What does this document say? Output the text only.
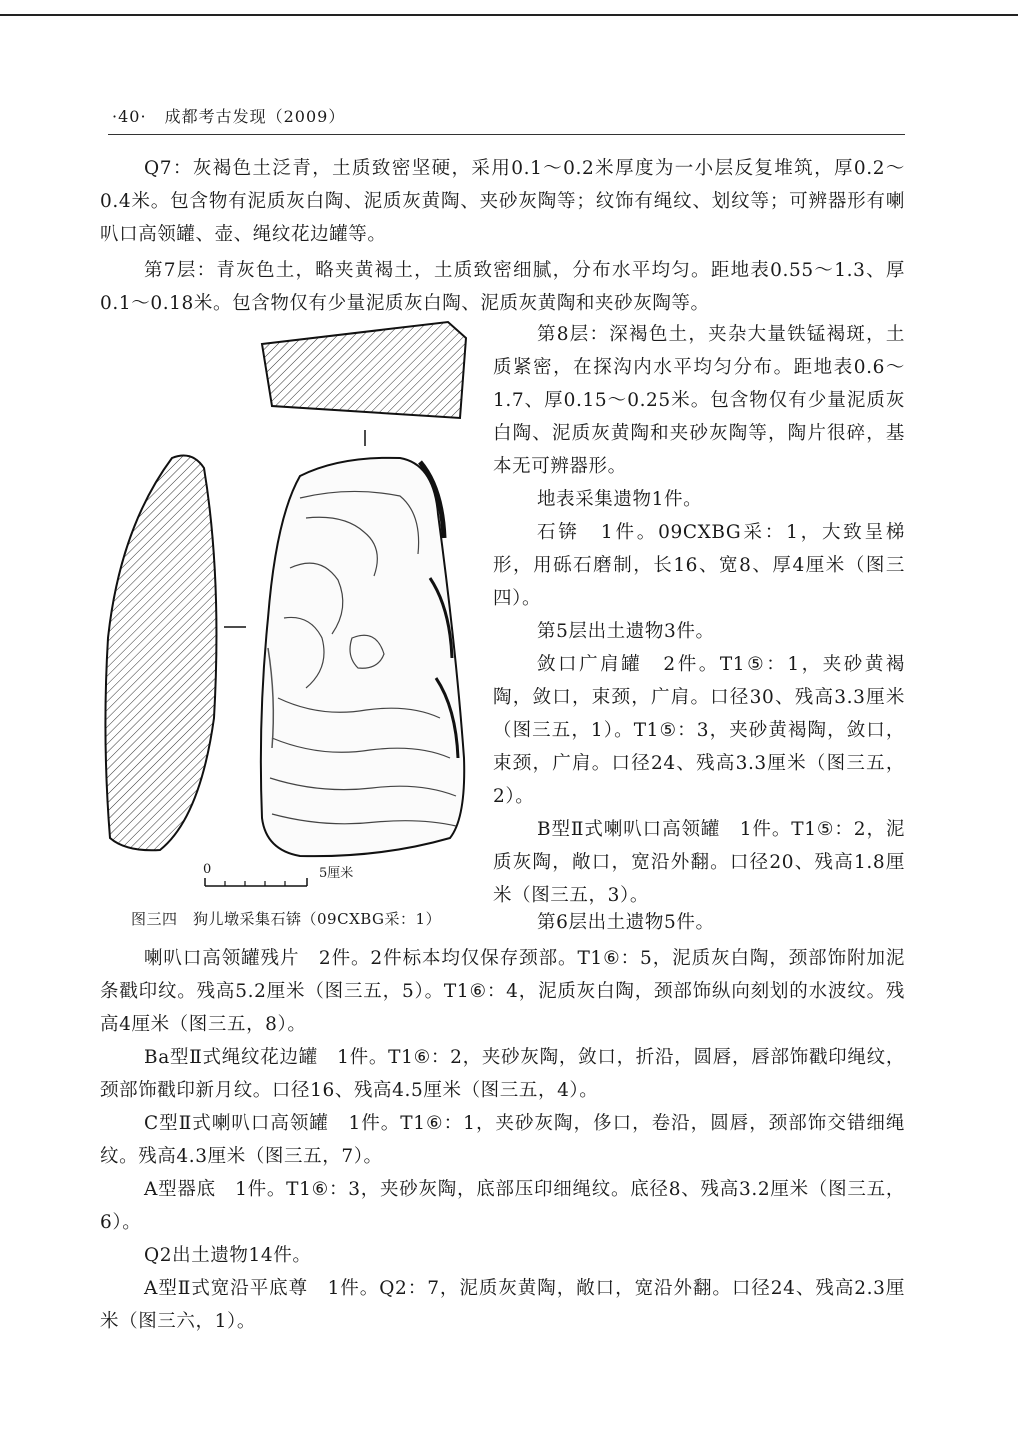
·40· 成都考古发现（2009）

Q7：灰褐色土泛青，土质致密坚硬，采用0.1～0.2米厚度为一小层反复堆筑，厚0.2～0.4米。包含物有泥质灰白陶、泥质灰黄陶、夹砂灰陶等；纹饰有绳纹、划纹等；可辨器形有喇叭口高领罐、壶、绳纹花边罐等。

第7层：青灰色土，略夹黄褐土，土质致密细腻，分布水平均匀。距地表0.55～1.3、厚0.1～0.18米。包含物仅有少量泥质灰白陶、泥质灰黄陶和夹砂灰陶等。

第8层：深褐色土，夹杂大量铁锰褐斑，土质紧密，在探沟内水平均匀分布。距地表0.6～1.7、厚0.15～0.25米。包含物仅有少量泥质灰白陶、泥质灰黄陶和夹砂灰陶等，陶片很碎，基本无可辨器形。

地表采集遗物1件。

石锛　1件。09CXBG采：1，大致呈梯形，用砾石磨制，长16、宽8、厚4厘米（图三四）。

第5层出土遗物3件。

敛口广肩罐　2件。T1⑤：1，夹砂黄褐陶，敛口，束颈，广肩。口径30、残高3.3厘米（图三五，1）。T1⑤：3，夹砂黄褐陶，敛口，束颈，广肩。口径24、残高3.3厘米（图三五，2）。

B型Ⅱ式喇叭口高领罐　1件。T1⑤：2，泥质灰陶，敞口，宽沿外翻。口径20、残高1.8厘米（图三五，3）。

第6层出土遗物5件。

喇叭口高领罐残片　2件。2件标本均仅保存颈部。T1⑥：5，泥质灰白陶，颈部饰附加泥条戳印纹。残高5.2厘米（图三五，5）。T1⑥：4，泥质灰白陶，颈部饰纵向刻划的水波纹。残高4厘米（图三五，8）。

Ba型Ⅱ式绳纹花边罐　1件。T1⑥：2，夹砂灰陶，敛口，折沿，圆唇，唇部饰戳印绳纹，颈部饰戳印新月纹。口径16、残高4.5厘米（图三五，4）。

C型Ⅱ式喇叭口高领罐　1件。T1⑥：1，夹砂灰陶，侈口，卷沿，圆唇，颈部饰交错细绳纹。残高4.3厘米（图三五，7）。

A型器底　1件。T1⑥：3，夹砂灰陶，底部压印细绳纹。底径8、残高3.2厘米（图三五，6）。

Q2出土遗物14件。

A型Ⅱ式宽沿平底尊　1件。Q2：7，泥质灰黄陶，敞口，宽沿外翻。口径24、残高2.3厘米（图三六，1）。

0	5厘米
图三四　狗儿墩采集石锛（09CXBG采：1）
